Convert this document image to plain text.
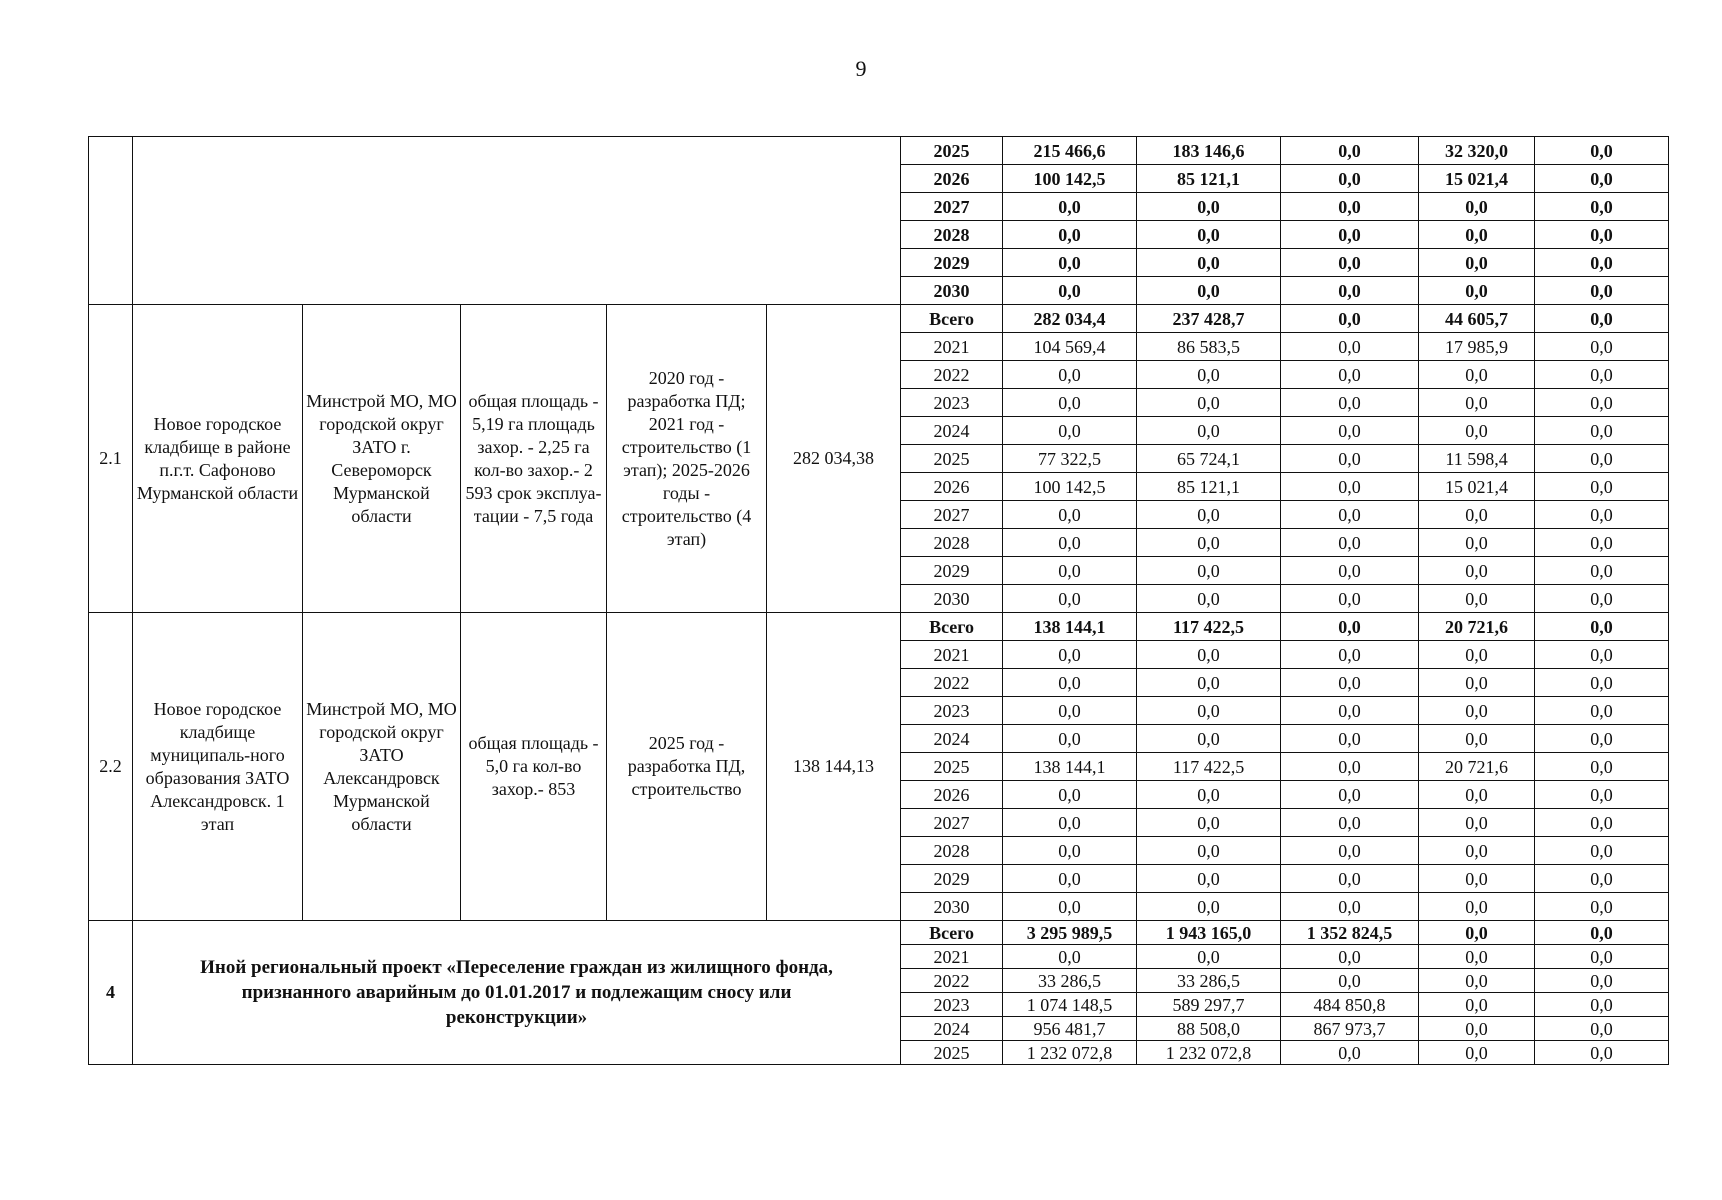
9
						2025	215 466,6	183 146,6	0,0	32 320,0	0,0
						2026	100 142,5	85 121,1	0,0	15 021,4	0,0
						2027	0,0	0,0	0,0	0,0	0,0
						2028	0,0	0,0	0,0	0,0	0,0
						2029	0,0	0,0	0,0	0,0	0,0
						2030	0,0	0,0	0,0	0,0	0,0
2.1	Новое городское кладбище в районе п.г.т. Сафоново Мурманской области	Минстрой МО, МО городской округ ЗАТО г. Североморск Мурманской области	общая площадь - 5,19 га площадь захор. - 2,25 га кол-во захор.- 2 593 срок эксплуа-тации - 7,5 года	2020 год - разработка ПД; 2021 год - строительство (1 этап); 2025-2026 годы - строительство (4 этап)	282 034,38	Всего	282 034,4	237 428,7	0,0	44 605,7	0,0
						2021	104 569,4	86 583,5	0,0	17 985,9	0,0
						2022	0,0	0,0	0,0	0,0	0,0
						2023	0,0	0,0	0,0	0,0	0,0
						2024	0,0	0,0	0,0	0,0	0,0
						2025	77 322,5	65 724,1	0,0	11 598,4	0,0
						2026	100 142,5	85 121,1	0,0	15 021,4	0,0
						2027	0,0	0,0	0,0	0,0	0,0
						2028	0,0	0,0	0,0	0,0	0,0
						2029	0,0	0,0	0,0	0,0	0,0
						2030	0,0	0,0	0,0	0,0	0,0
2.2	Новое городское кладбище муниципаль-ного образования ЗАТО Александровск. 1 этап	Минстрой МО, МО городской округ ЗАТО Александровск Мурманской области	общая площадь - 5,0 га кол-во захор.- 853	2025 год - разработка ПД, строительство	138 144,13	Всего	138 144,1	117 422,5	0,0	20 721,6	0,0
						2021	0,0	0,0	0,0	0,0	0,0
						2022	0,0	0,0	0,0	0,0	0,0
						2023	0,0	0,0	0,0	0,0	0,0
						2024	0,0	0,0	0,0	0,0	0,0
						2025	138 144,1	117 422,5	0,0	20 721,6	0,0
						2026	0,0	0,0	0,0	0,0	0,0
						2027	0,0	0,0	0,0	0,0	0,0
						2028	0,0	0,0	0,0	0,0	0,0
						2029	0,0	0,0	0,0	0,0	0,0
						2030	0,0	0,0	0,0	0,0	0,0
4	Иной региональный проект «Переселение граждан из жилищного фонда, признанного аварийным до 01.01.2017 и подлежащим сносу или реконструкции»					Всего	3 295 989,5	1 943 165,0	1 352 824,5	0,0	0,0
						2021	0,0	0,0	0,0	0,0	0,0
						2022	33 286,5	33 286,5	0,0	0,0	0,0
						2023	1 074 148,5	589 297,7	484 850,8	0,0	0,0
						2024	956 481,7	88 508,0	867 973,7	0,0	0,0
						2025	1 232 072,8	1 232 072,8	0,0	0,0	0,0
